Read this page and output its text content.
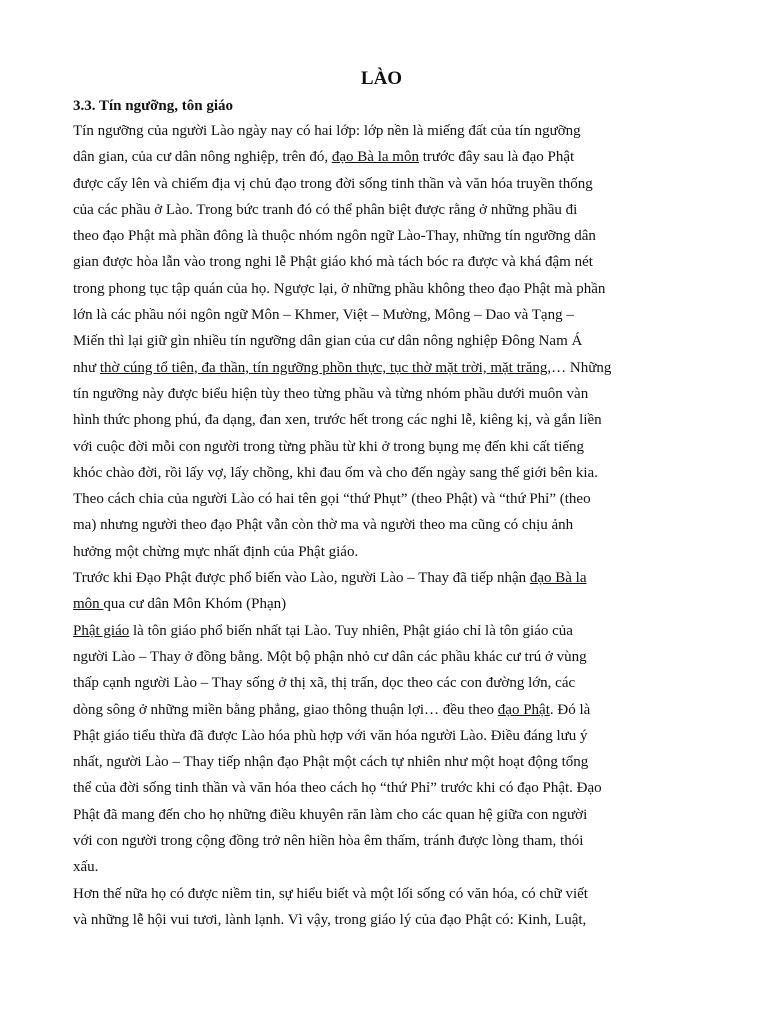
LÀO
3.3. Tín ngưỡng, tôn giáo
Tín ngưỡng của người Lào ngày nay có hai lớp: lớp nền là miếng đất của tín ngưỡng
dân gian, của cư dân nông nghiệp, trên đó, đạo Bà la môn trước đây sau là đạo Phật
được cấy lên và chiếm địa vị chủ đạo trong đời sống tinh thần và văn hóa truyền thống
của các phầu ở Lào. Trong bức tranh đó có thể phân biệt được rằng ở những phầu đi
theo đạo Phật mà phần đông là thuộc nhóm ngôn ngữ Lào-Thay, những tín ngưỡng dân
gian được hòa lẫn vào trong nghi lễ Phật giáo khó mà tách bóc ra được và khá đậm nét
trong phong tục tập quán của họ. Ngược lại, ở những phầu không theo đạo Phật mà phần
lớn là các phầu nói ngôn ngữ Môn – Khmer, Việt – Mường, Mông – Dao và Tạng –
Miến thì lại giữ gìn nhiều tín ngưỡng dân gian của cư dân nông nghiệp Đông Nam Á
như thờ cúng tổ tiên, đa thần, tín ngưỡng phồn thực, tục thờ mặt trời, mặt trăng,… Những
tín ngưỡng này được biểu hiện tùy theo từng phầu và từng nhóm phầu dưới muôn vàn
hình thức phong phú, đa dạng, đan xen, trước hết trong các nghi lễ, kiêng kị, và gắn liền
với cuộc đời mỗi con người trong từng phầu từ khi ở trong bụng mẹ đến khi cất tiếng
khóc chào đời, rồi lấy vợ, lấy chồng, khi đau ốm và cho đến ngày sang thế giới bên kia.
Theo cách chia của người Lào có hai tên gọi “thứ Phụt” (theo Phật) và “thứ Phỉ” (theo
ma) nhưng người theo đạo Phật vẫn còn thờ ma và người theo ma cũng có chịu ảnh
hưởng một chừng mực nhất định của Phật giáo.
Trước khi Đạo Phật được phổ biến vào Lào, người Lào – Thay đã tiếp nhận đạo Bà la
môn qua cư dân Môn Khóm (Phạn)
Phật giáo là tôn giáo phổ biến nhất tại Lào. Tuy nhiên, Phật giáo chỉ là tôn giáo của
người Lào – Thay ở đồng bằng. Một bộ phận nhỏ cư dân các phầu khác cư trú ở vùng
thấp cạnh người Lào – Thay sống ở thị xã, thị trấn, dọc theo các con đường lớn, các
dòng sông ở những miền bằng phẳng, giao thông thuận lợi… đều theo đạo Phật. Đó là
Phật giáo tiểu thừa đã được Lào hóa phù hợp với văn hóa người Lào. Điều đáng lưu ý
nhất, người Lào – Thay tiếp nhận đạo Phật một cách tự nhiên như một hoạt động tổng
thể của đời sống tinh thần và văn hóa theo cách họ “thứ Phỉ” trước khi có đạo Phật. Đạo
Phật đã mang đến cho họ những điều khuyên răn làm cho các quan hệ giữa con người
với con người trong cộng đồng trở nên hiền hòa êm thấm, tránh được lòng tham, thói
xấu.
Hơn thế nữa họ có được niềm tin, sự hiểu biết và một lối sống có văn hóa, có chữ viết
và những lễ hội vui tươi, lành lạnh. Vì vậy, trong giáo lý của đạo Phật có: Kinh, Luật,
